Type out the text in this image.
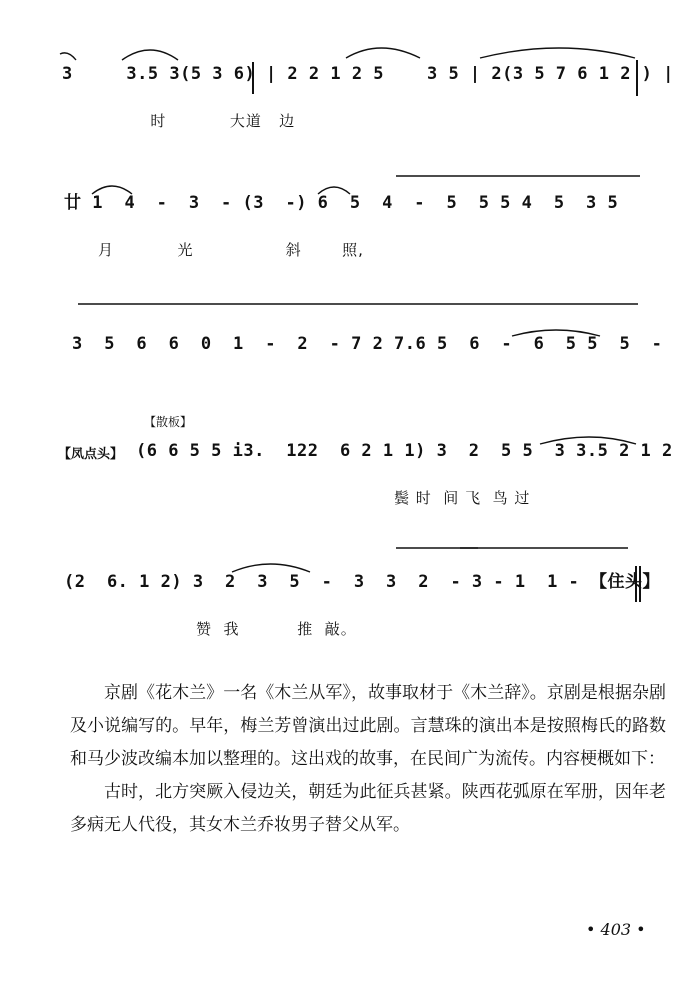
3     3.5 3(5 3 6) | 2 2 1 2 5    3 5 | 2(3 5 7 6 1 2 ) |
时           大道   边
廿 1  4  -  3  - (3  -) 6  5  4  -  5  5 5 4  5  3 5
月           光                斜       照,
3  5  6  6  0  1  -  2  - 7 2 7.6 5  6  -  6  5 5  5  -
【散板】
【凤点头】 (6 6 5 5 i3.  122  6 2 1 1) 3  2  5 5  3 3.5 2 1 2
鬓 时  间 飞  鸟 过
(2  6. 1 2) 3  2  3  5  -  3  3  2  - 3 - 1  1 - 【住头】
赞  我          推  敲。

京剧《花木兰》一名《木兰从军》，故事取材于《木兰辞》。京剧是根据杂剧及小说编写的。早年，梅兰芳曾演出过此剧。言慧珠的演出本是按照梅氏的路数和马少波改编本加以整理的。这出戏的故事，在民间广为流传。内容梗概如下：

古时，北方突厥入侵边关，朝廷为此征兵甚紧。陕西花弧原在军册，因年老多病无人代役，其女木兰乔妆男子替父从军。

• 403 •
